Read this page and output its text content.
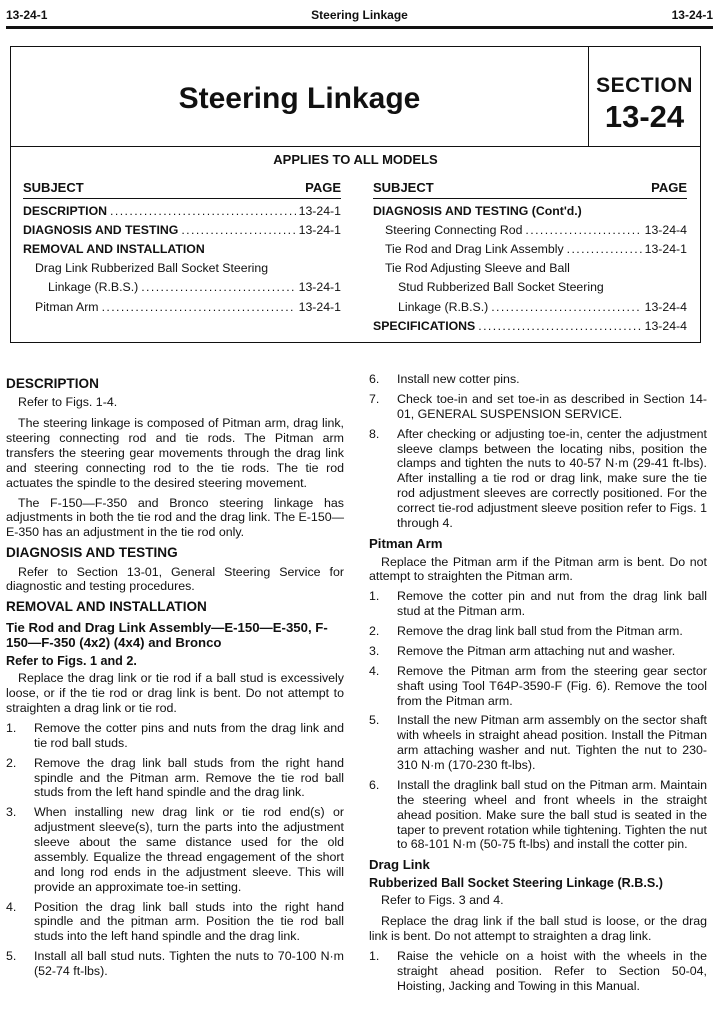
13-24-1	Steering Linkage	13-24-1
Steering Linkage	SECTION
13-24
APPLIES TO ALL MODELS
SUBJECT	PAGE
DESCRIPTION . . .	13-24-1
DIAGNOSIS AND TESTING . . .	13-24-1
REMOVAL AND INSTALLATION
Drag Link Rubberized Ball Socket Steering
Linkage (R.B.S.) . . .	13-24-1
Pitman Arm . . .	13-24-1
SUBJECT	PAGE
DIAGNOSIS AND TESTING (Cont'd.)
Steering Connecting Rod . . .	13-24-4
Tie Rod and Drag Link Assembly . . .	13-24-1
Tie Rod Adjusting Sleeve and Ball
Stud Rubberized Ball Socket Steering
Linkage (R.B.S.) . . .	13-24-4
SPECIFICATIONS . . .	13-24-4
DESCRIPTION

Refer to Figs. 1-4.

The steering linkage is composed of Pitman arm, drag link, steering connecting rod and tie rods. The Pitman arm transfers the steering gear movements through the drag link and steering connecting rod to the tie rods. The tie rod actuates the spindle to the desired steering movement.

The F-150—F-350 and Bronco steering linkage has adjustments in both the tie rod and the drag link. The E-150—E-350 has an adjustment in the tie rod only.

DIAGNOSIS AND TESTING

Refer to Section 13-01, General Steering Service for diagnostic and testing procedures.

REMOVAL AND INSTALLATION
Tie Rod and Drag Link Assembly—E-150—E-350, F-150—F-350 (4x2) (4x4) and Bronco
Refer to Figs. 1 and 2.

Replace the drag link or tie rod if a ball stud is excessively loose, or if the tie rod or drag link is bent. Do not attempt to straighten a drag link or tie rod.

1.	Remove the cotter pins and nuts from the drag link and tie rod ball studs.
2.	Remove the drag link ball studs from the right hand spindle and the Pitman arm. Remove the tie rod ball studs from the left hand spindle and the drag link.
3.	When installing new drag link or tie rod end(s) or adjustment sleeve(s), turn the parts into the adjustment sleeve about the same distance used for the old assembly. Equalize the thread engagement of the short and long rod ends in the adjustment sleeve. This will provide an approximate toe-in setting.
4.	Position the drag link ball studs into the right hand spindle and the pitman arm. Position the tie rod ball studs into the left hand spindle and the drag link.
5.	Install all ball stud nuts. Tighten the nuts to 70-100 N·m (52-74 ft-lbs).
6.	Install new cotter pins.
7.	Check toe-in and set toe-in as described in Section 14-01, GENERAL SUSPENSION SERVICE.
8.	After checking or adjusting toe-in, center the adjustment sleeve clamps between the locating nibs, position the clamps and tighten the nuts to 40-57 N·m (29-41 ft-lbs). After installing a tie rod or drag link, make sure the tie rod adjustment sleeves are correctly positioned. For the correct tie-rod adjustment sleeve position refer to Figs. 1 through 4.
Pitman Arm

Replace the Pitman arm if the Pitman arm is bent. Do not attempt to straighten the Pitman arm.

1.	Remove the cotter pin and nut from the drag link ball stud at the Pitman arm.
2.	Remove the drag link ball stud from the Pitman arm.
3.	Remove the Pitman arm attaching nut and washer.
4.	Remove the Pitman arm from the steering gear sector shaft using Tool T64P-3590-F (Fig. 6). Remove the tool from the Pitman arm.
5.	Install the new Pitman arm assembly on the sector shaft with wheels in straight ahead position. Install the Pitman arm attaching washer and nut. Tighten the nut to 230-310 N·m (170-230 ft-lbs).
6.	Install the draglink ball stud on the Pitman arm. Maintain the steering wheel and front wheels in the straight ahead position. Make sure the ball stud is seated in the taper to prevent rotation while tightening. Tighten the nut to 68-101 N·m (50-75 ft-lbs) and install the cotter pin.
Drag Link
Rubberized Ball Socket Steering Linkage (R.B.S.)

Refer to Figs. 3 and 4.

Replace the drag link if the ball stud is loose, or the drag link is bent. Do not attempt to straighten a drag link.

1.	Raise the vehicle on a hoist with the wheels in the straight ahead position. Refer to Section 50-04, Hoisting, Jacking and Towing in this Manual.
